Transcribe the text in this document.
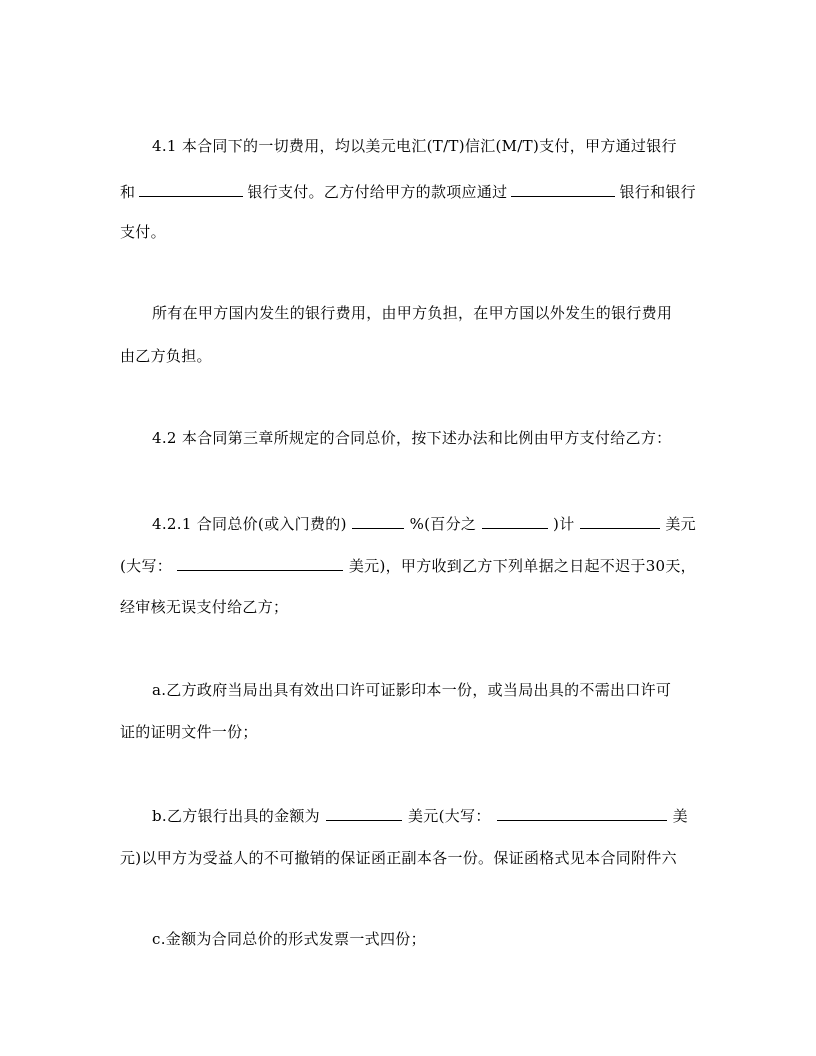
4.1 本合同下的一切费用，均以美元电汇(T/T)信汇(M/T)支付，甲方通过银行
和	银行支付。乙方付给甲方的款项应通过	银行和银行
支付。
所有在甲方国内发生的银行费用，由甲方负担，在甲方国以外发生的银行费用
由乙方负担。
4.2 本合同第三章所规定的合同总价，按下述办法和比例由甲方支付给乙方：
4.2.1 合同总价(或入门费的)	%(百分之	)计	美元
(大写：	美元)，甲方收到乙方下列单据之日起不迟于30天，
经审核无误支付给乙方；
a.乙方政府当局出具有效出口许可证影印本一份，或当局出具的不需出口许可
证的证明文件一份；
b.乙方银行出具的金额为	美元(大写：	美
元)以甲方为受益人的不可撤销的保证函正副本各一份。保证函格式见本合同附件六
c.金额为合同总价的形式发票一式四份；
